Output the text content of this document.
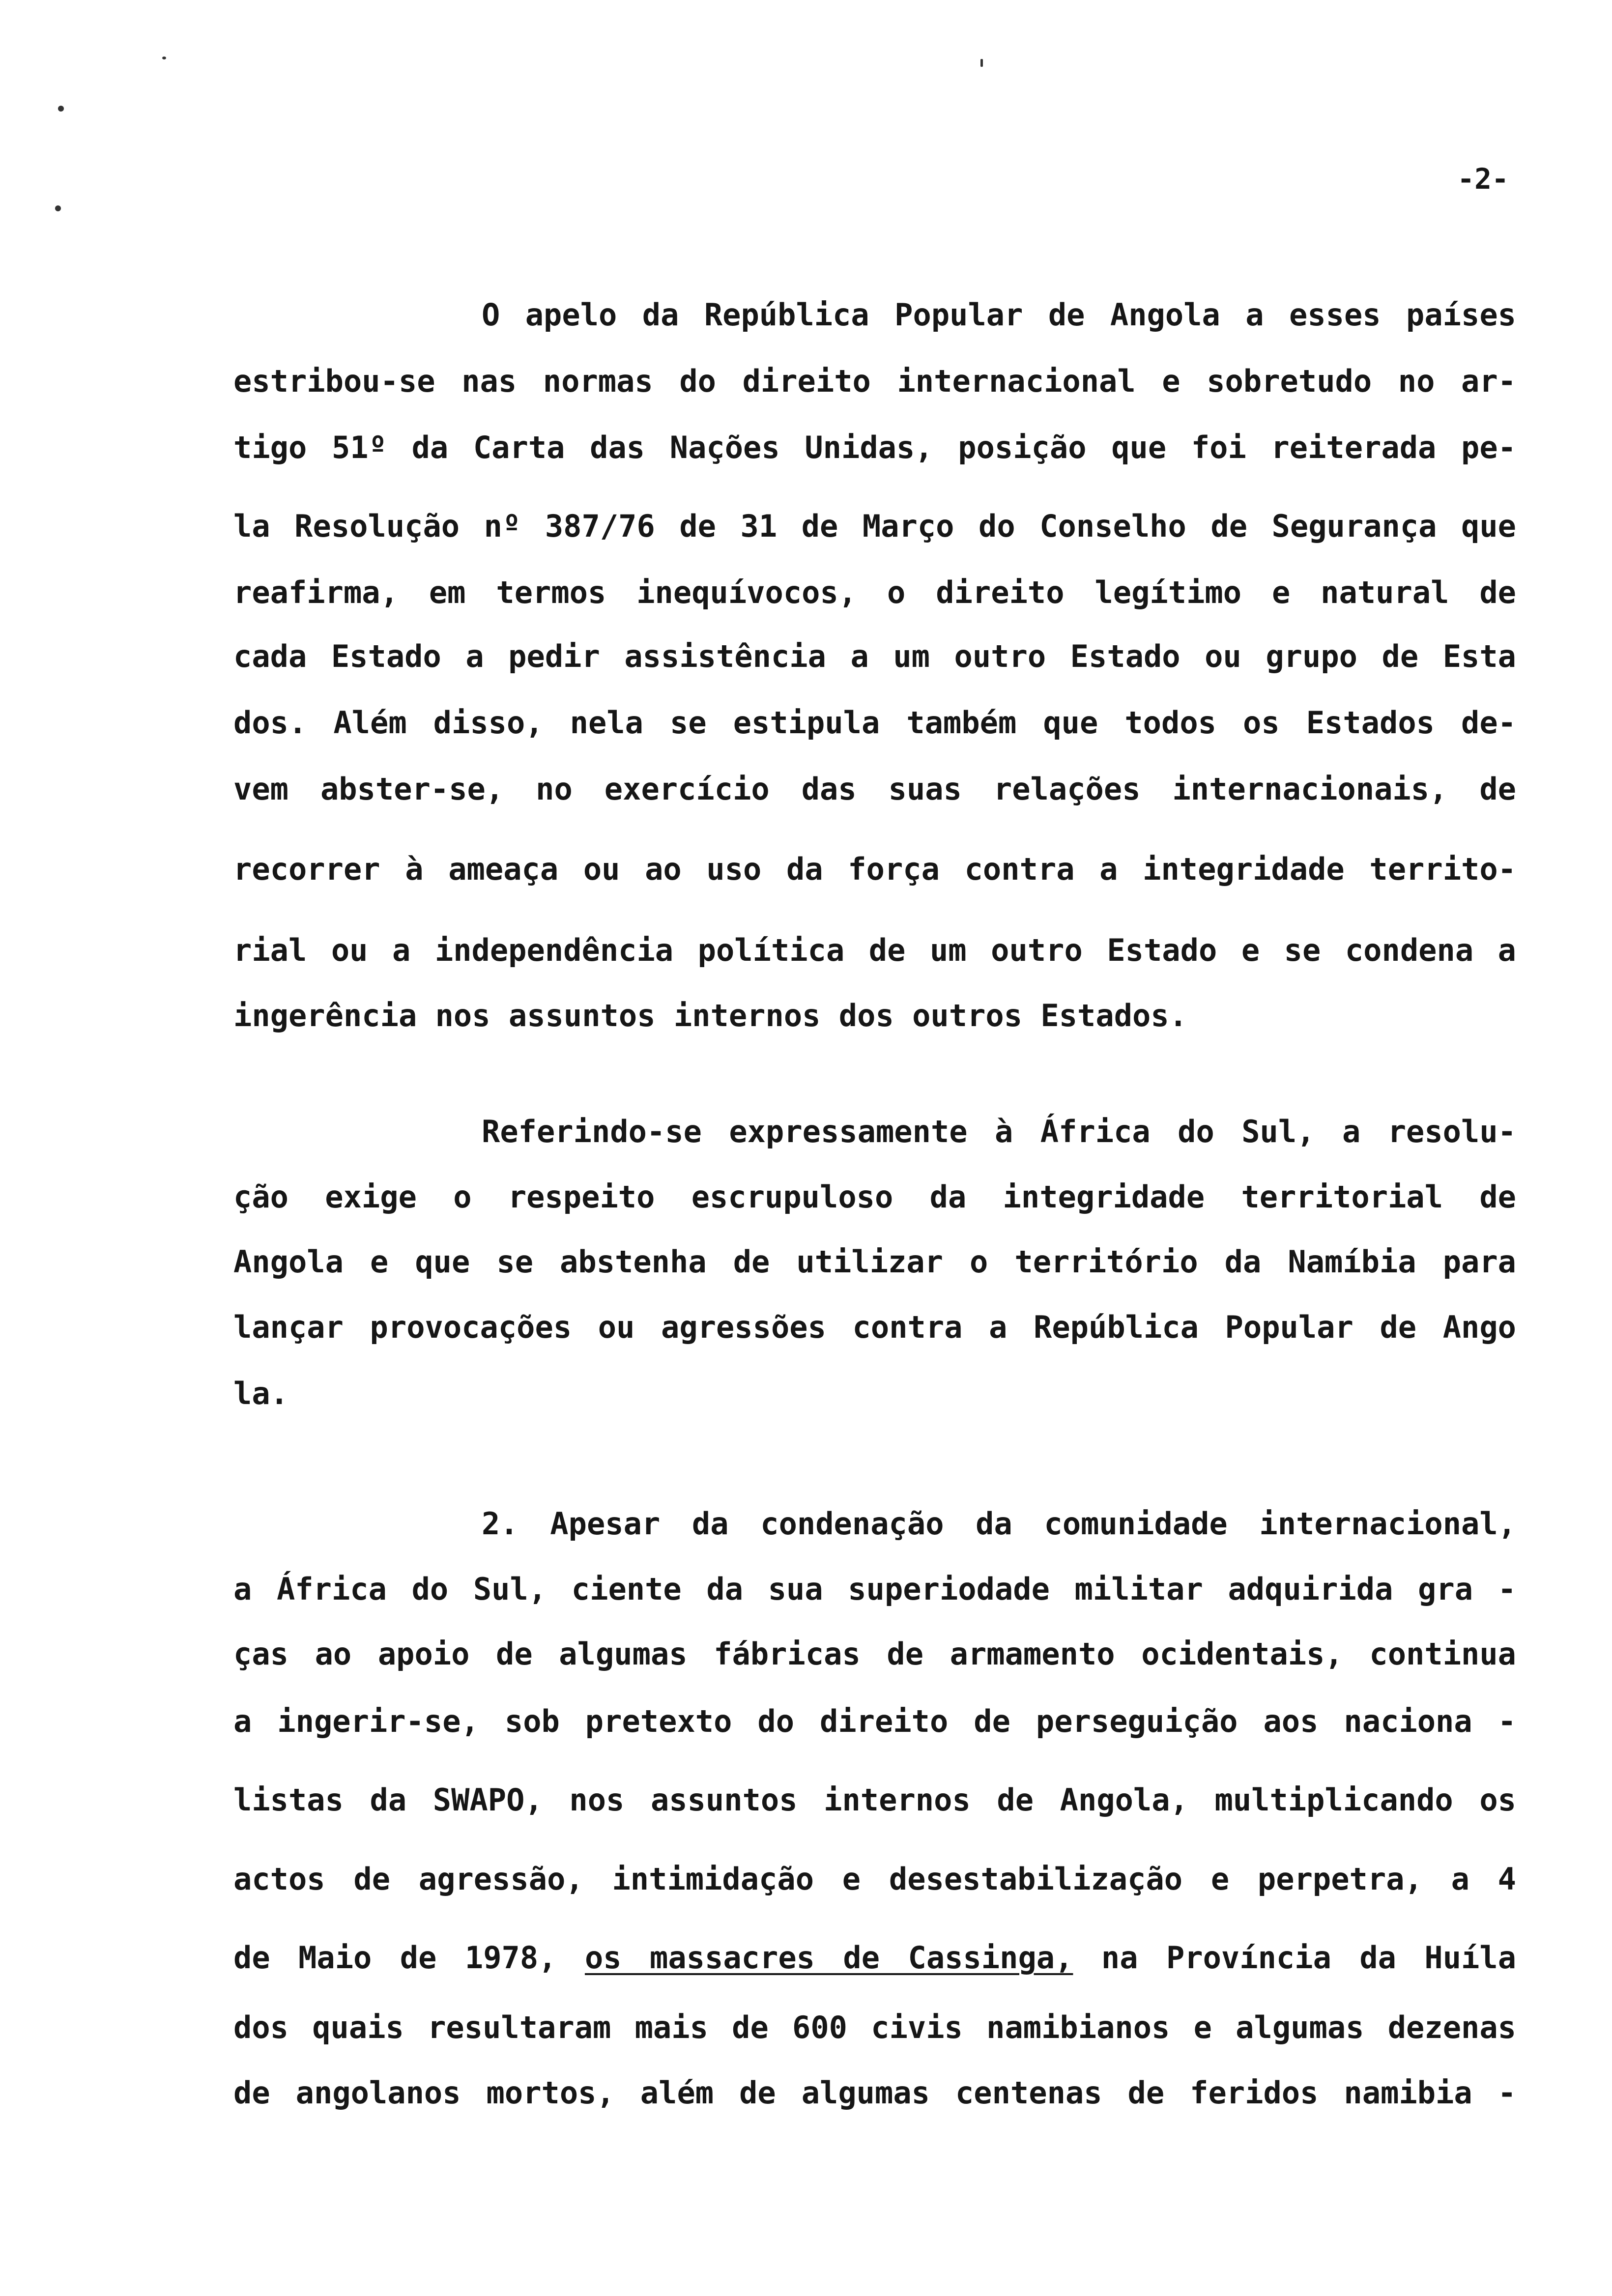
-2-
O apelo da República Popular de Angola a esses países
estribou-se nas normas do direito internacional e sobretudo no ar-
tigo 51º da Carta das Nações Unidas, posição que foi reiterada pe-
la Resolução nº 387/76 de 31 de Março do Conselho de Segurança que
reafirma, em termos inequívocos, o direito legítimo e natural de
cada Estado a pedir assistência a um outro Estado ou grupo de Esta
dos. Além disso, nela se estipula também que todos os Estados de-
vem abster-se, no exercício das suas relações internacionais, de
recorrer à ameaça ou ao uso da força contra a integridade territo-
rial ou a independência política de um outro Estado e se condena a
ingerência nos assuntos internos dos outros Estados.
Referindo-se expressamente à África do Sul, a resolu-
ção exige o respeito escrupuloso da integridade territorial de
Angola e que se abstenha de utilizar o território da Namíbia para
lançar provocações ou agressões contra a República Popular de Ango
la.
2. Apesar da condenação da comunidade internacional,
a África do Sul, ciente da sua superiodade militar adquirida gra -
ças ao apoio de algumas fábricas de armamento ocidentais, continua
a ingerir-se, sob pretexto do direito de perseguição aos naciona -
listas da SWAPO, nos assuntos internos de Angola, multiplicando os
actos de agressão, intimidação e desestabilização e perpetra, a 4
de Maio de 1978, os massacres de Cassinga, na Província da Huíla
dos quais resultaram mais de 600 civis namibianos e algumas dezenas
de angolanos mortos, além de algumas centenas de feridos namibia -
